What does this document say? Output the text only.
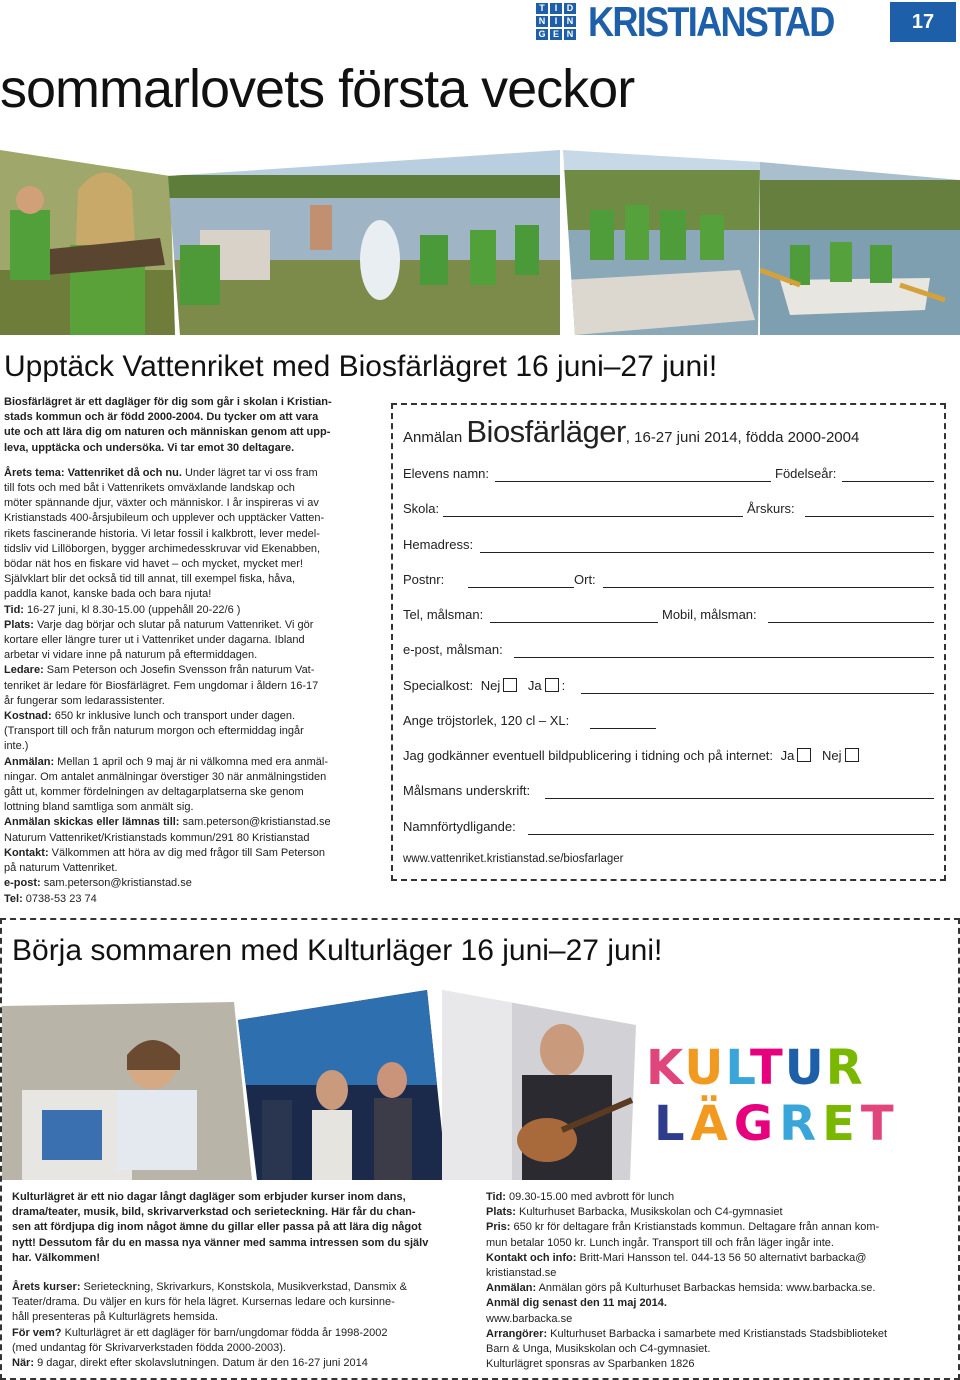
T	I	D
N	I	N
G E N KRISTIANSTAD	17
sommarlovets första veckor
Upptäck Vattenriket med Biosfärlägret 16 juni–27 juni!
Biosfärlägret är ett dagläger för dig som går i skolan i Kristian-
stads kommun och är född 2000-2004. Du tycker om att vara
ute och att lära dig om naturen och människan genom att upp-
leva, upptäcka och undersöka. Vi tar emot 30 deltagare.
Årets tema: Vattenriket då och nu. Under lägret tar vi oss fram
till fots och med båt i Vattenrikets omväxlande landskap och
möter spännande djur, växter och människor. I år inspireras vi av
Kristianstads 400-årsjubileum och upplever och upptäcker Vatten-
rikets fascinerande historia. Vi letar fossil i kalkbrott, lever medel-
tidsliv vid Lillöborgen, bygger archimedesskruvar vid Ekenabben,
bödar nät hos en fiskare vid havet – och mycket, mycket mer!
Självklart blir det också tid till annat, till exempel fiska, håva,
paddla kanot, kanske bada och bara njuta!
Tid: 16-27 juni, kl 8.30-15.00 (uppehåll 20-22/6 )
Plats: Varje dag börjar och slutar på naturum Vattenriket. Vi gör
kortare eller längre turer ut i Vattenriket under dagarna. Ibland
arbetar vi vidare inne på naturum på eftermiddagen.
Ledare: Sam Peterson och Josefin Svensson från naturum Vat-
tenriket är ledare för Biosfärlägret. Fem ungdomar i åldern 16-17
år fungerar som ledarassistenter.
Kostnad: 650 kr inklusive lunch och transport under dagen.
(Transport till och från naturum morgon och eftermiddag ingår
inte.)
Anmälan: Mellan 1 april och 9 maj är ni välkomna med era anmäl-
ningar. Om antalet anmälningar överstiger 30 när anmälningstiden
gått ut, kommer fördelningen av deltagarplatserna ske genom
lottning bland samtliga som anmält sig.
Anmälan skickas eller lämnas till: sam.peterson@kristianstad.se
Naturum Vattenriket/Kristianstads kommun/291 80 Kristianstad
Kontakt: Välkommen att höra av dig med frågor till Sam Peterson
på naturum Vattenriket.
e-post: sam.peterson@kristianstad.se
Tel: 0738-53 23 74
Anmälan Biosfärläger, 16-27 juni 2014, födda 2000-2004
Elevens namn:	Födelseår:
Skola:	Årskurs:
Hemadress:
Postnr:	Ort:
Tel, målsman:	Mobil, målsman:
e-post, målsman:
Specialkost: Nej Ja :
Ange tröjstorlek, 120 cl – XL:
Jag godkänner eventuell bildpublicering i tidning och på internet: Ja Nej
Målsmans underskrift:
Namnförtydligande:
www.vattenriket.kristianstad.se/biosfarlager
Börja sommaren med Kulturläger 16 juni–27 juni!
KULTUR
LÄGRET
Kulturlägret är ett nio dagar långt dagläger som erbjuder kurser inom dans,
drama/teater, musik, bild, skrivarverkstad och serieteckning. Här får du chan-
sen att fördjupa dig inom något ämne du gillar eller passa på att lära dig något
nytt! Dessutom får du en massa nya vänner med samma intressen som du själv
har. Välkommen!
Årets kurser: Serieteckning, Skrivarkurs, Konstskola, Musikverkstad, Dansmix &
Teater/drama. Du väljer en kurs för hela lägret. Kursernas ledare och kursinne-
håll presenteras på Kulturlägrets hemsida.
För vem? Kulturlägret är ett dagläger för barn/ungdomar födda år 1998-2002
(med undantag för Skrivarverkstaden födda 2000-2003).
När: 9 dagar, direkt efter skolavslutningen. Datum är den 16-27 juni 2014
Tid: 09.30-15.00 med avbrott för lunch
Plats: Kulturhuset Barbacka, Musikskolan och C4-gymnasiet
Pris: 650 kr för deltagare från Kristianstads kommun. Deltagare från annan kom-
mun betalar 1050 kr. Lunch ingår. Transport till och från läger ingår inte.
Kontakt och info: Britt-Mari Hansson tel. 044-13 56 50 alternativt barbacka@
kristianstad.se
Anmälan: Anmälan görs på Kulturhuset Barbackas hemsida: www.barbacka.se.
Anmäl dig senast den 11 maj 2014.
www.barbacka.se
Arrangörer: Kulturhuset Barbacka i samarbete med Kristianstads Stadsbiblioteket
Barn & Unga, Musikskolan och C4-gymnasiet.
Kulturlägret sponsras av Sparbanken 1826
